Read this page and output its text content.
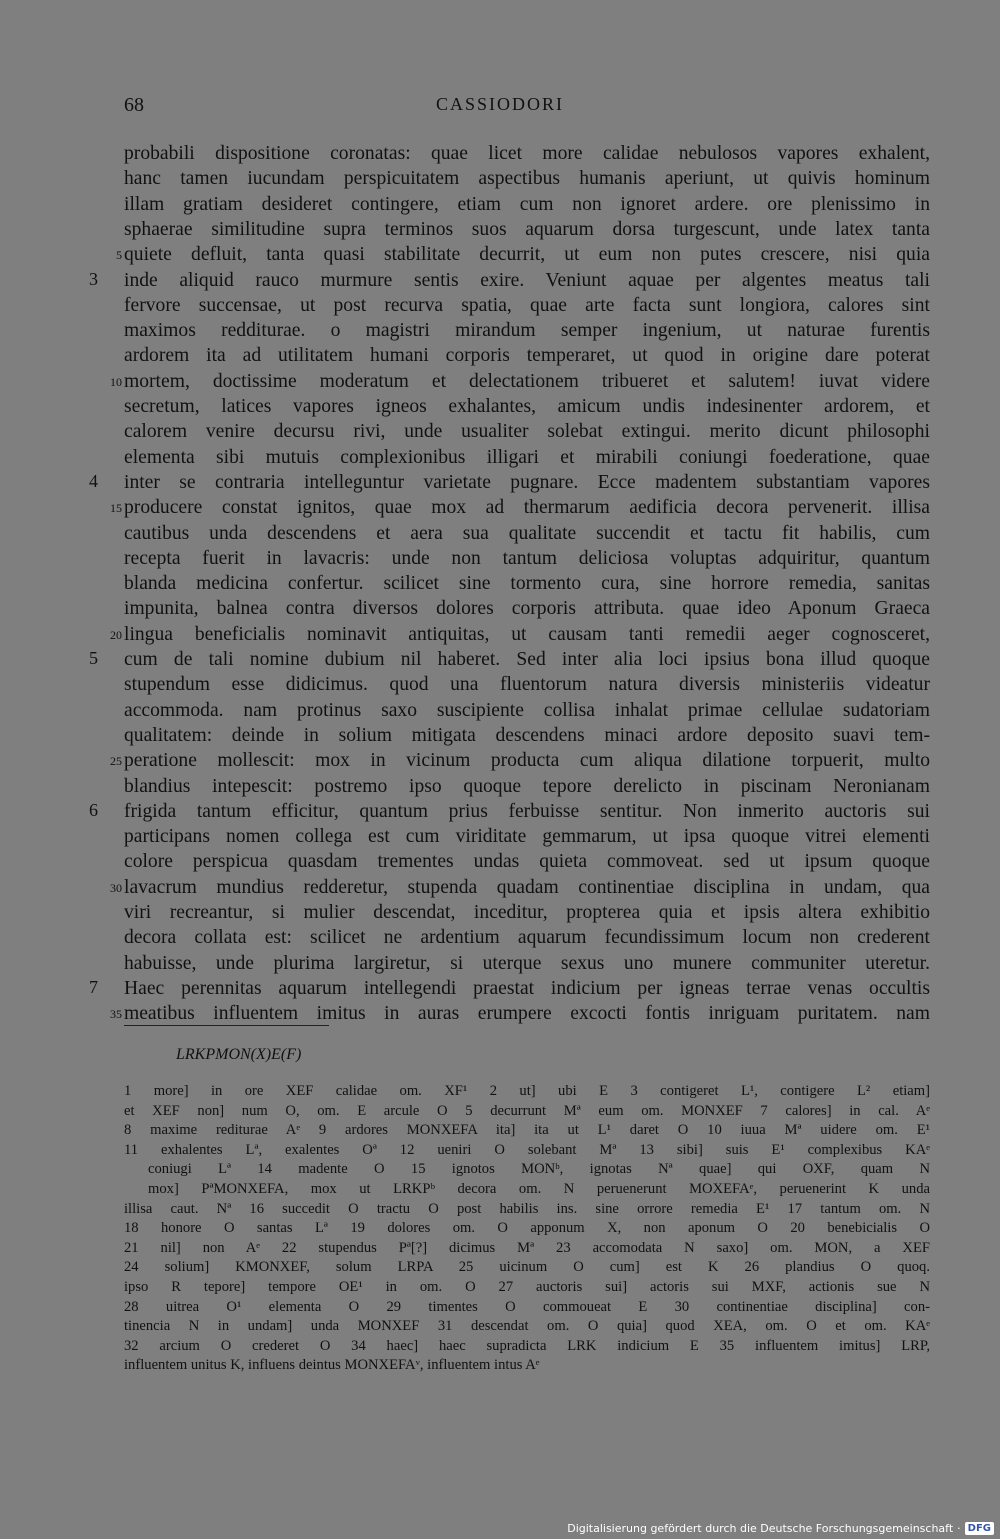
68	CASSIODORI
probabili dispositione coronatas: quae licet more calidae nebulosos vapores exhalent,
hanc tamen iucundam perspicuitatem aspectibus humanis aperiunt, ut quivis hominum
illam gratiam desideret contingere, etiam cum non ignoret ardere. ore plenissimo in
sphaerae similitudine supra terminos suos aquarum dorsa turgescunt, unde latex tanta
quiete defluit, tanta quasi stabilitate decurrit, ut eum non putes crescere, nisi quia
inde aliquid rauco murmure sentis exire. Veniunt aquae per algentes meatus tali
fervore succensae, ut post recurva spatia, quae arte facta sunt longiora, calores sint
maximos redditurae. o magistri mirandum semper ingenium, ut naturae furentis
ardorem ita ad utilitatem humani corporis temperaret, ut quod in origine dare poterat
mortem, doctissime moderatum et delectationem tribueret et salutem! iuvat videre
secretum, latices vapores igneos exhalantes, amicum undis indesinenter ardorem, et
calorem venire decursu rivi, unde usualiter solebat extingui. merito dicunt philosophi
elementa sibi mutuis complexionibus illigari et mirabili coniungi foederatione, quae
inter se contraria intelleguntur varietate pugnare. Ecce madentem substantiam vapores
producere constat ignitos, quae mox ad thermarum aedificia decora pervenerit. illisa
cautibus unda descendens et aera sua qualitate succendit et tactu fit habilis, cum
recepta fuerit in lavacris: unde non tantum deliciosa voluptas adquiritur, quantum
blanda medicina confertur. scilicet sine tormento cura, sine horrore remedia, sanitas
impunita, balnea contra diversos dolores corporis attributa. quae ideo Aponum Graeca
lingua beneficialis nominavit antiquitas, ut causam tanti remedii aeger cognosceret,
cum de tali nomine dubium nil haberet. Sed inter alia loci ipsius bona illud quoque
stupendum esse didicimus. quod una fluentorum natura diversis ministeriis videatur
accommoda. nam protinus saxo suscipiente collisa inhalat primae cellulae sudatoriam
qualitatem: deinde in solium mitigata descendens minaci ardore deposito suavi tem-
peratione mollescit: mox in vicinum producta cum aliqua dilatione torpuerit, multo
blandius intepescit: postremo ipso quoque tepore derelicto in piscinam Neronianam
frigida tantum efficitur, quantum prius ferbuisse sentitur. Non inmerito auctoris sui
participans nomen collega est cum viriditate gemmarum, ut ipsa quoque vitrei elementi
colore perspicua quasdam trementes undas quieta commoveat. sed ut ipsum quoque
lavacrum mundius redderetur, stupenda quadam continentiae disciplina in undam, qua
viri recreantur, si mulier descendat, inceditur, propterea quia et ipsis altera exhibitio
decora collata est: scilicet ne ardentium aquarum fecundissimum locum non crederent
habuisse, unde plurima largiretur, si uterque sexus uno munere communiter uteretur.
Haec perennitas aquarum intellegendi praestat indicium per igneas terrae venas occultis
meatibus influentem imitus in auras erumpere excocti fontis inriguam puritatem. nam
5
10
15
20
25
30
35
3
4
5
6
7
LRKPMON(X)E(F)
1 more] in ore XEF calidae om. XF¹ 2 ut] ubi E 3 contigeret L¹, contigere L² etiam]
et XEF non] num O, om. E arcule O 5 decurrunt Mª eum om. MONXEF 7 calores] in cal. Aᵉ
8 maxime rediturae Aᵉ 9 ardores MONXEFA ita] ita ut L¹ daret O 10 iuua Mª uidere om. E¹
11 exhalentes Lª, exalentes Oª 12 ueniri O solebant Mª 13 sibi] suis E¹ complexibus KAᵉ
coniugi Lª 14 madente O 15 ignotos MONᵇ, ignotas Nª quae] qui OXF, quam N
mox] PªMONXEFA, mox ut LRKPᵇ decora om. N peruenerunt MOXEFAᵉ, peruenerint K unda
illisa caut. Nª 16 succedit O tractu O post habilis ins. sine orrore remedia E¹ 17 tantum om. N
18 honore O santas Lª 19 dolores om. O apponum X, non aponum O 20 benebicialis O
21 nil] non Aᵉ 22 stupendus Pª[?] dicimus Mª 23 accomodata N saxo] om. MON, a XEF
24 solium] KMONXEF, solum LRPA 25 uicinum O cum] est K 26 plandius O quoq.
ipso R tepore] tempore OE¹ in om. O 27 auctoris sui] actoris sui MXF, actionis sue N
28 uitrea O¹ elementa O 29 timentes O commoueat E 30 continentiae disciplina] con-
tinencia N in undam] unda MONXEF 31 descendat om. O quia] quod XEA, om. O et om. KAᵉ
32 arcium O crederet O 34 haec] haec supradicta LRK indicium E 35 influentem imitus] LRP,
influentem unitus K, influens deintus MONXEFAᵛ, influentem intus Aᵉ
Digitalisierung gefördert durch die Deutsche Forschungsgemeinschaft · DFG
